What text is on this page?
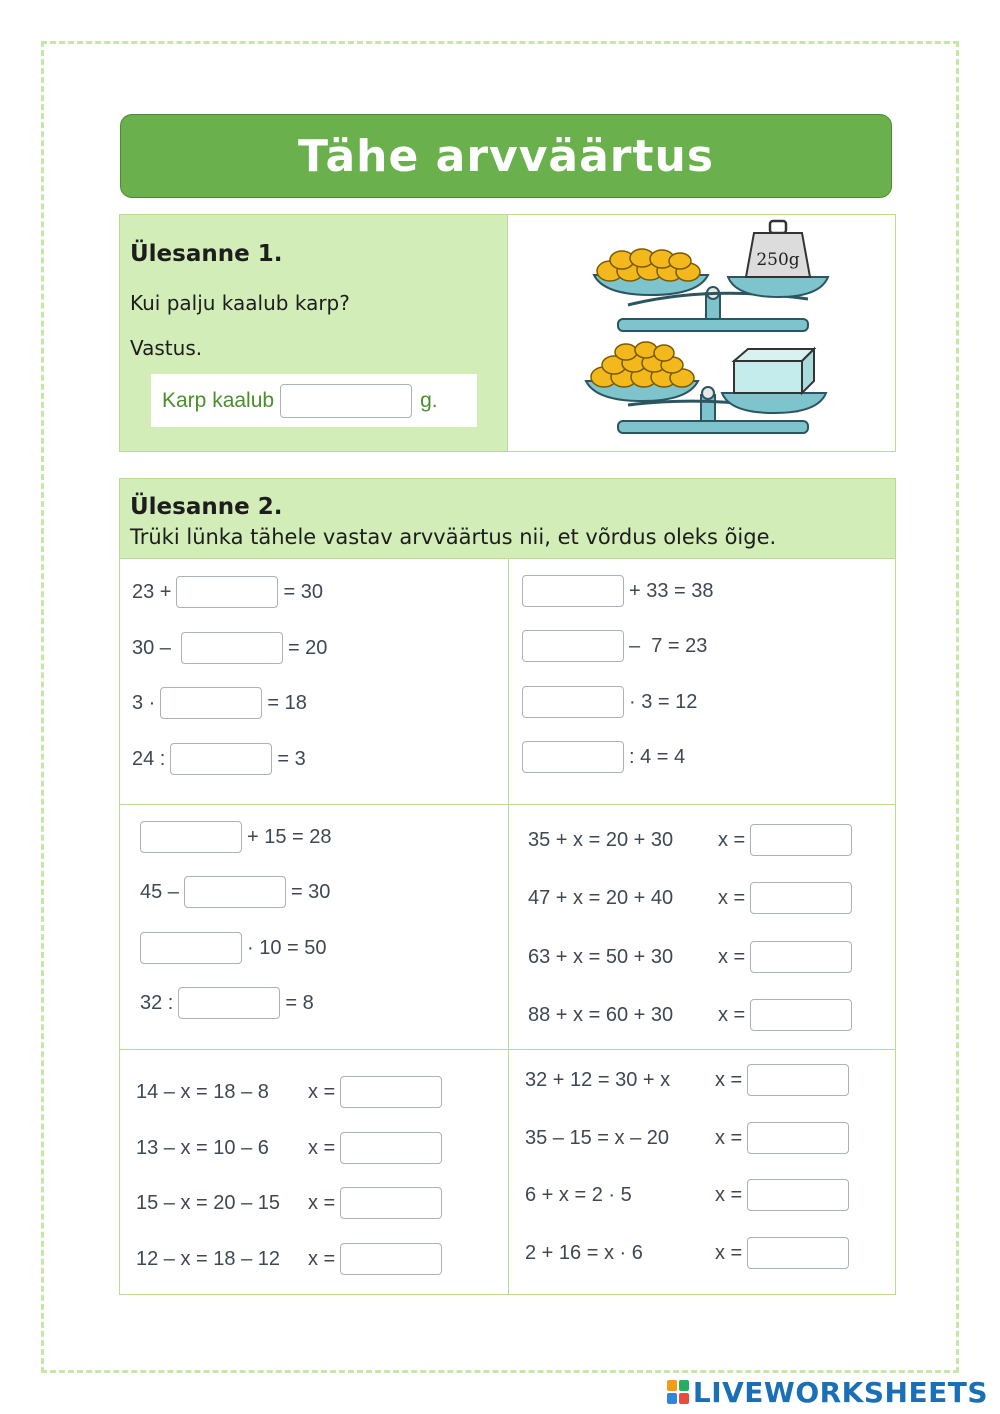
Tähe arvväärtus
Ülesanne 1.
Kui palju kaalub karp?
Vastus.
Karp kaalub	g.
250g
Ülesanne 2.
Trüki lünka tähele vastav arvväärtus nii, et võrdus oleks õige.
23 +	= 30
30 –	= 20
3 ·	= 18
24 :	= 3
+ 33 = 38
–  7 = 23
· 3 = 12
: 4 = 4
+ 15 = 28
45 –	= 30
· 10 = 50
32 :	= 8
35 + x = 20 + 30	x =
47 + x = 20 + 40	x =
63 + x = 50 + 30	x =
88 + x = 60 + 30	x =
14 – x = 18 – 8	x =
13 – x = 10 – 6	x =
15 – x = 20 – 15	x =
12 – x = 18 – 12	x =
32 + 12 = 30 + x	x =
35 – 15 = x – 20	x =
6 + x = 2 · 5	x =
2 + 16 = x · 6	x =
LIVEWORKSHEETS
